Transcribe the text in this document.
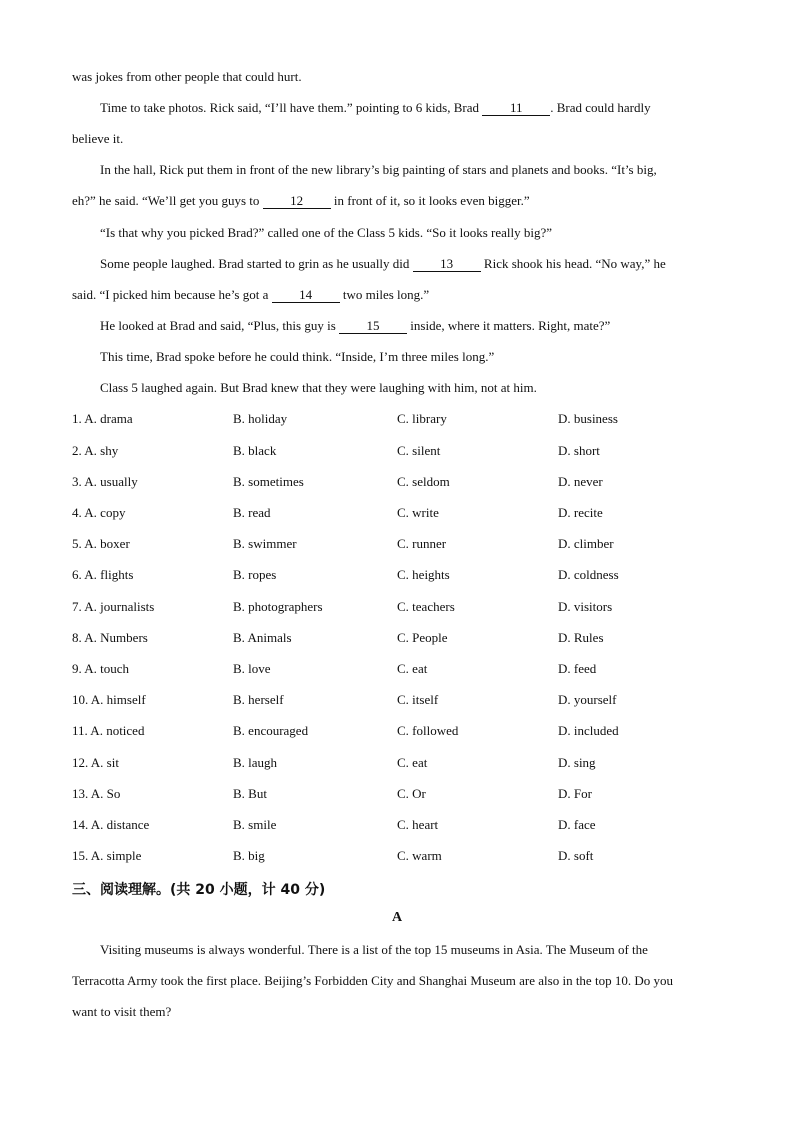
was jokes from other people that could hurt.
Time to take photos. Rick said, “I’ll have them.” pointing to 6 kids, Brad 11 . Brad could hardly
believe it.
In the hall, Rick put them in front of the new library’s big painting of stars and planets and books. “It’s big,
eh?” he said. “We’ll get you guys to 12 in front of it, so it looks even bigger.”
“Is that why you picked Brad?” called one of the Class 5 kids. “So it looks really big?”
Some people laughed. Brad started to grin as he usually did 13 Rick shook his head. “No way,” he
said. “I picked him because he’s got a 14 two miles long.”
He looked at Brad and said, “Plus, this guy is 15 inside, where it matters. Right, mate?”
This time, Brad spoke before he could think. “Inside, I’m three miles long.”
Class 5 laughed again. But Brad knew that they were laughing with him, not at him.
1. A. drama	B. holiday	C. library	D. business
2. A. shy	B. black	C. silent	D. short
3. A. usually	B. sometimes	C. seldom	D. never
4. A. copy	B. read	C. write	D. recite
5. A. boxer	B. swimmer	C. runner	D. climber
6. A. flights	B. ropes	C. heights	D. coldness
7. A. journalists	B. photographers	C. teachers	D. visitors
8. A. Numbers	B. Animals	C. People	D. Rules
9. A. touch	B. love	C. eat	D. feed
10. A. himself	B. herself	C. itself	D. yourself
11. A. noticed	B. encouraged	C. followed	D. included
12. A. sit	B. laugh	C. eat	D. sing
13. A. So	B. But	C. Or	D. For
14. A. distance	B. smile	C. heart	D. face
15. A. simple	B. big	C. warm	D. soft
三、阅读理解。(共 20 小题，计 40 分)
A
Visiting museums is always wonderful. There is a list of the top 15 museums in Asia. The Museum of the
Terracotta Army took the first place. Beijing’s Forbidden City and Shanghai Museum are also in the top 10. Do you
want to visit them?
